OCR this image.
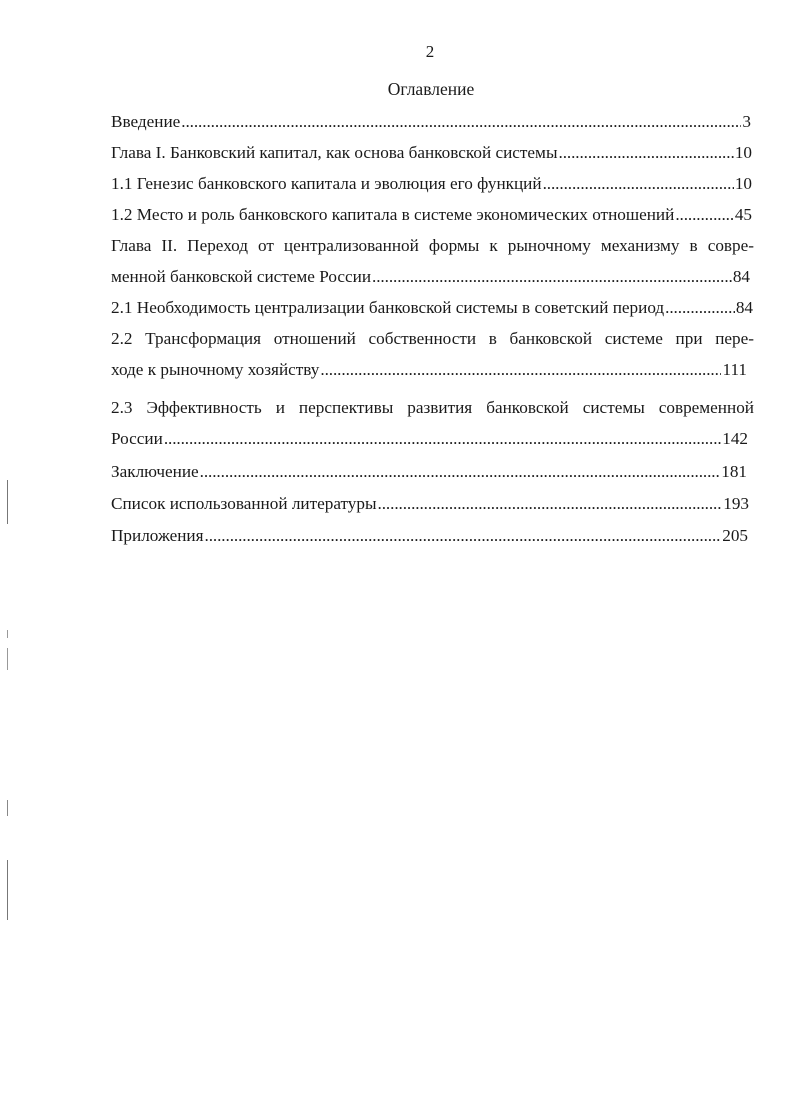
2
Оглавление
Введение . . .	3
Глава I. Банковский капитал, как основа банковской системы . . .	10
1.1 Генезис банковского капитала и эволюция его функций . . .	10
1.2 Место и роль банковского капитала в системе экономических отношений . . .	45
Глава II. Переход от централизованной формы к рыночному механизму в совре-
менной банковской системе России . . .	84
2.1 Необходимость централизации банковской системы в советский период . . .	84
2.2 Трансформация отношений собственности в банковской системе при пере-
ходе к рыночному хозяйству . . .	111
2.3 Эффективность и перспективы развития банковской системы современной
России . . .	142
Заключение . . .	181
Список использованной литературы . . .	193
Приложения . . .	205
